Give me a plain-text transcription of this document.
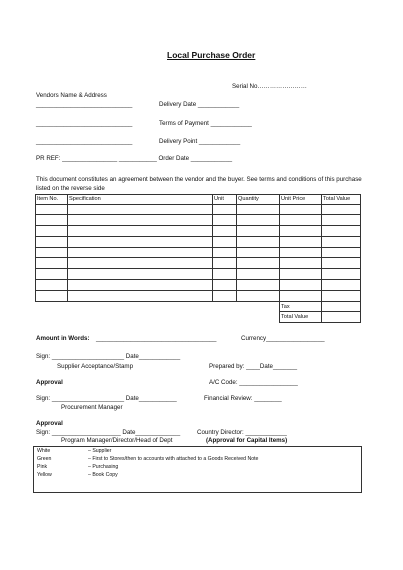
Local Purchase Order
Serial No……………………
Vendors Name & Address
____________________________	Delivery Date ____________
____________________________	Terms of Payment ____________
____________________________	Delivery Point ____________
PR REF: ________________ ___________ Order Date ____________
This document constitutes an agreement between the vendor and the buyer. See terms and conditions of this purchase listed on the reverse side
Item No.	Specification	Unit	Quantity	Unit Price	Total Value

				Tax	
				Total Value	
Amount in Words: ___________________________________	Currency_________________
Sign: _____________________ Date____________
Supplier Acceptance/Stamp	Prepared by: ____Date_______
Approval	A/C Code: _________________
Sign: _____________________ Date___________	Financial Review: ________
Procurement Manager
Approval
Sign: ____________________ Date_____________	Country Director: ____________
Program Manager/Director/Head of Dept	(Approval for Capital Items)
White	– Supplier
Green	– First to Stores/then to accounts with attached to a Goods Received Note
Pink	– Purchasing
Yellow	– Book Copy
